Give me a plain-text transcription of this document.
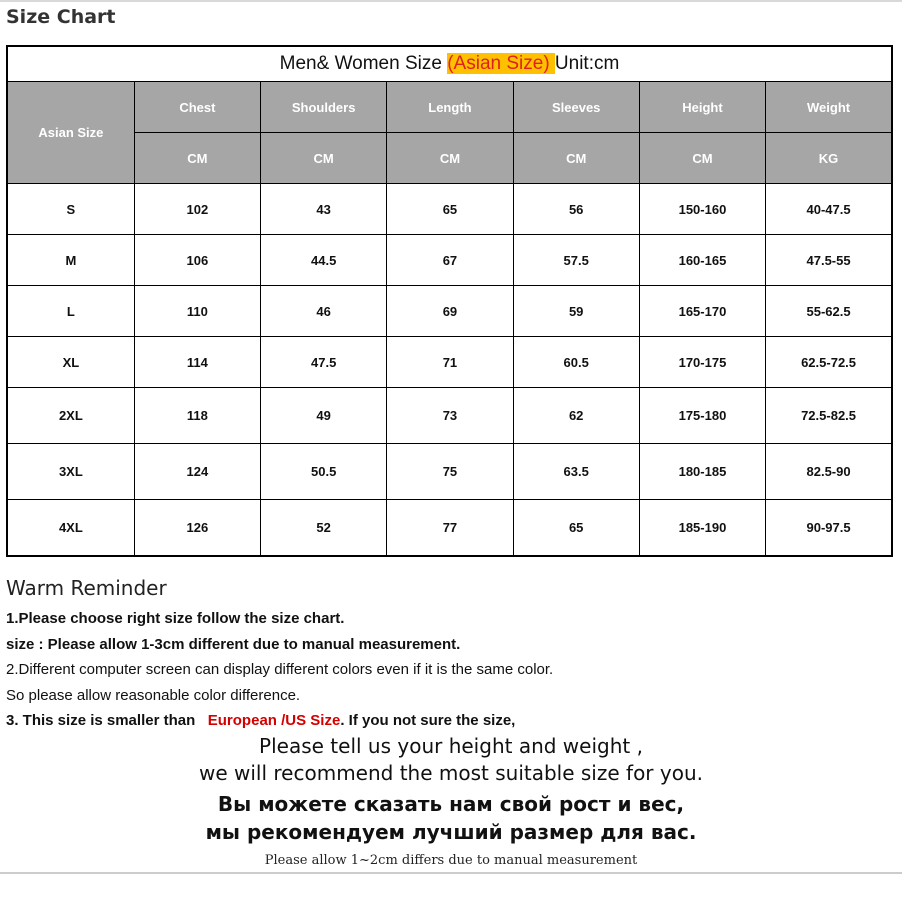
Size Chart
Men& Women Size (Asian Size) Unit:cm						
Asian Size	Chest	Shoulders	Length	Sleeves	Height	Weight
	CM	CM	CM	CM	CM	KG
S	102	43	65	56	150-160	40-47.5
M	106	44.5	67	57.5	160-165	47.5-55
L	110	46	69	59	165-170	55-62.5
XL	114	47.5	71	60.5	170-175	62.5-72.5
2XL	118	49	73	62	175-180	72.5-82.5
3XL	124	50.5	75	63.5	180-185	82.5-90
4XL	126	52	77	65	185-190	90-97.5
Warm Reminder
1.Please choose right size follow the size chart.
size : Please allow 1-3cm different due to manual measurement.
2.Different computer screen can display different colors even if it is the same color.
So please allow reasonable color difference.
3. This size is smaller than   European /US Size. If you not sure the size,
Please tell us your height and weight ,
we will recommend the most suitable size for you.
Вы можете сказать нам свой рост и вес,
мы рекомендуем лучший размер для вас.
Please allow 1~2cm differs due to manual measurement
